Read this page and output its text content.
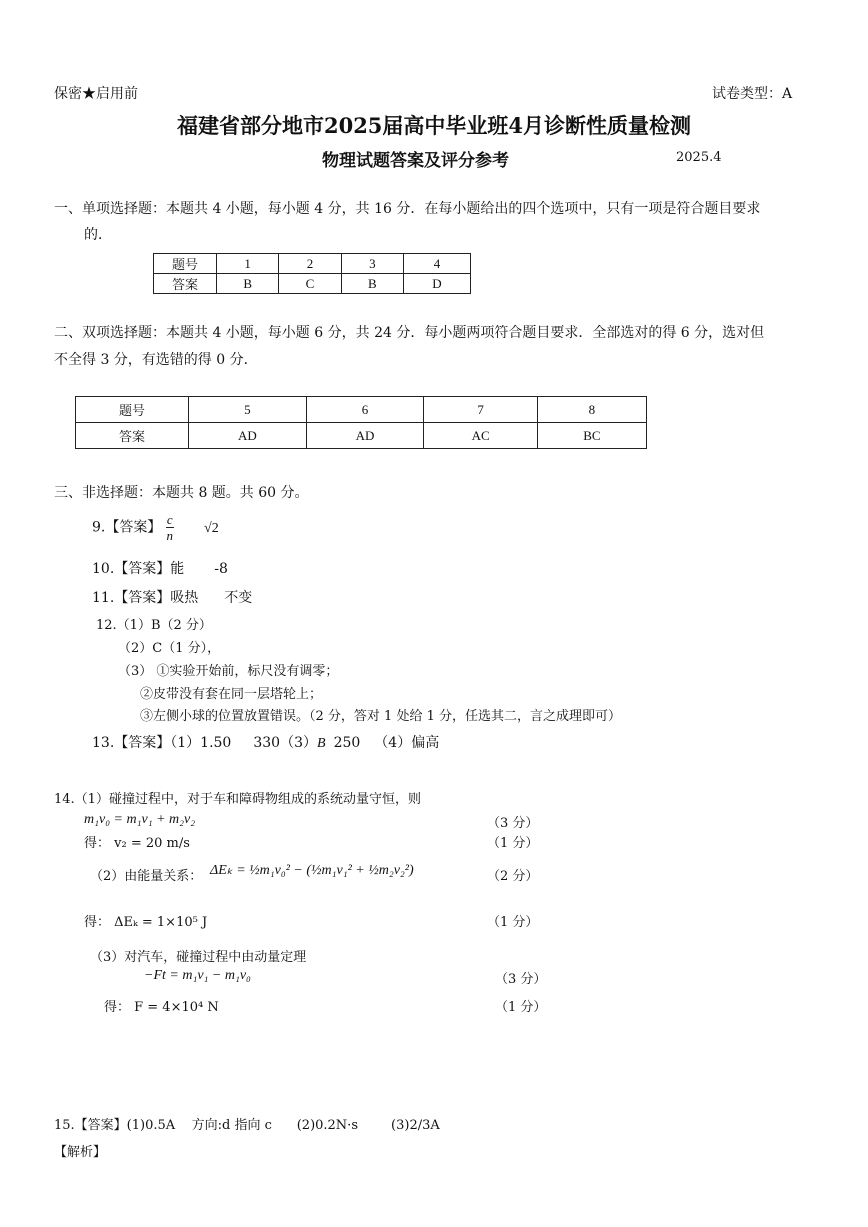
保密★启用前	试卷类型：A
福建省部分地市2025届高中毕业班4月诊断性质量检测
物理试题答案及评分参考	2025.4
一、单项选择题：本题共 4 小题，每小题 4 分，共 16 分．在每小题给出的四个选项中，只有一项是符合题目要求
的．
题号	1	2	3	4
答案	B	C	B	D
二、双项选择题：本题共 4 小题，每小题 6 分，共 24 分．每小题两项符合题目要求．全部选对的得 6 分，选对但
不全得 3 分，有选错的得 0 分．
题号	5	6	7	8
答案	AD	AD	AC	BC
三、非选择题：本题共 8 题。共 60 分。
9.【答案】 $\frac{c}{n} √2$
10.【答案】能 -8
11.【答案】吸热 不变
12.（1）B（2 分）
（2）C（1 分），
（3） ①实验开始前，标尺没有调零；
②皮带没有套在同一层塔轮上；
③左侧小球的位置放置错误。（2 分，答对 1 处给 1 分，任选其二，言之成理即可）
13.【答案】（1）1.50 330（3）B 250 （4）偏高
14.（1）碰撞过程中，对于车和障碍物组成的系统动量守恒，则
m₁v₀ = m₁v₁ + m₂v₂	（3 分）
得： v₂ = 20 m/s	（1 分）
（2）由能量关系： ΔEₖ = ½m₁v₀² − (½m₁v₁² + ½m₂v₂²)	（2 分）
得： ΔEₖ = 1×10⁵ J	（1 分）
（3）对汽车，碰撞过程中由动量定理
−Ft = m₁v₁ − m₁v₀	（3 分）
得： F = 4×10⁴ N	（1 分）
15.【答案】(1)0.5A    方向:d 指向 c      (2)0.2N·s        (3)2/3A
【解析】
